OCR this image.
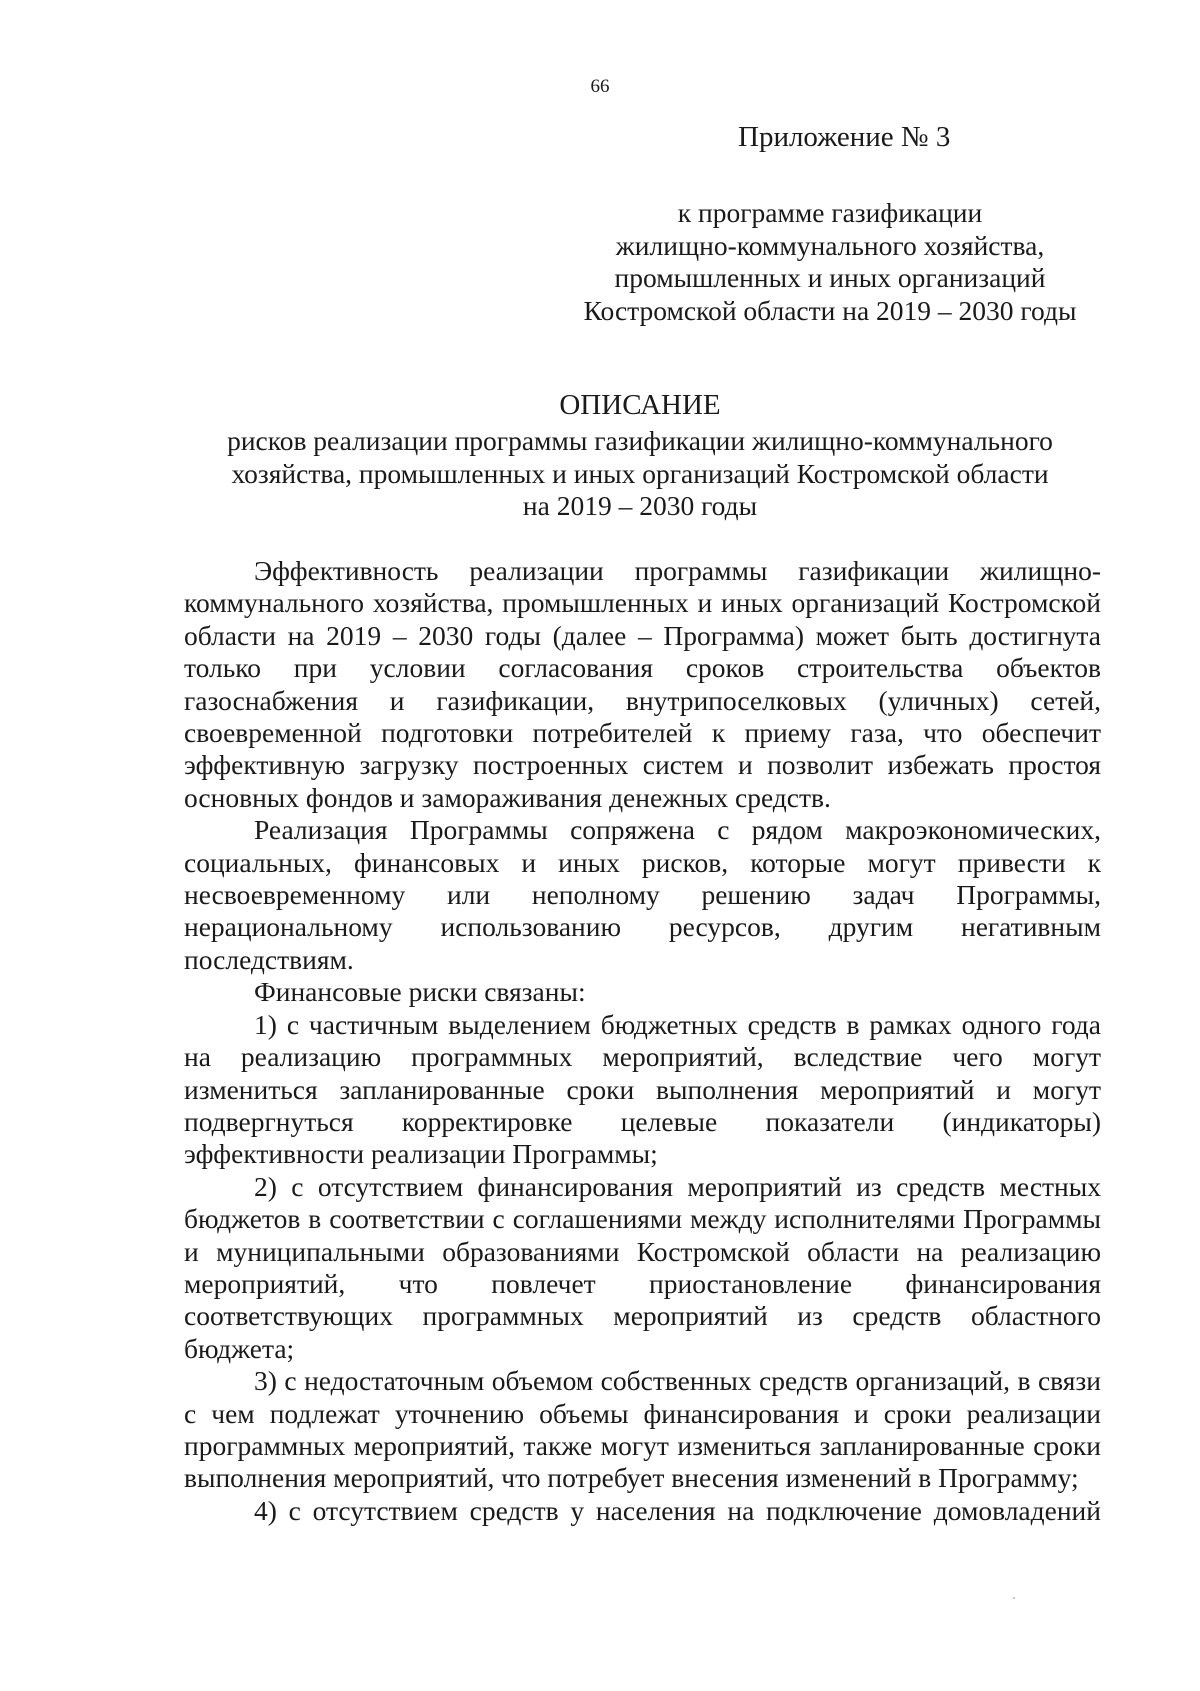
66
Приложение № 3
к программе газификации
жилищно-коммунального хозяйства,
промышленных и иных организаций
Костромской области на 2019 – 2030 годы
ОПИСАНИЕ
рисков реализации программы газификации жилищно-коммунального
хозяйства, промышленных и иных организаций Костромской области
на 2019 – 2030 годы

Эффективность реализации программы газификации жилищно-коммунального хозяйства, промышленных и иных организаций Костромской области на 2019 – 2030 годы (далее – Программа) может быть достигнута только при условии согласования сроков строительства объектов газоснабжения и газификации, внутрипоселковых (уличных) сетей, своевременной подготовки потребителей к приему газа, что обеспечит эффективную загрузку построенных систем и позволит избежать простоя основных фондов и замораживания денежных средств.

Реализация Программы сопряжена с рядом макроэкономических, социальных, финансовых и иных рисков, которые могут привести к несвоевременному или неполному решению задач Программы, нерациональному использованию ресурсов, другим негативным последствиям.

Финансовые риски связаны:

1) с частичным выделением бюджетных средств в рамках одного года на реализацию программных мероприятий, вследствие чего могут измениться запланированные сроки выполнения мероприятий и могут подвергнуться корректировке целевые показатели (индикаторы) эффективности реализации Программы;

2) с отсутствием финансирования мероприятий из средств местных бюджетов в соответствии с соглашениями между исполнителями Программы и муниципальными образованиями Костромской области на реализацию мероприятий, что повлечет приостановление финансирования соответствующих программных мероприятий из средств областного бюджета;

3) с недостаточным объемом собственных средств организаций, в связи с чем подлежат уточнению объемы финансирования и сроки реализации программных мероприятий, также могут измениться запланированные сроки выполнения мероприятий, что потребует внесения изменений в Программу;

4) с отсутствием средств у населения на подключение домовладений
